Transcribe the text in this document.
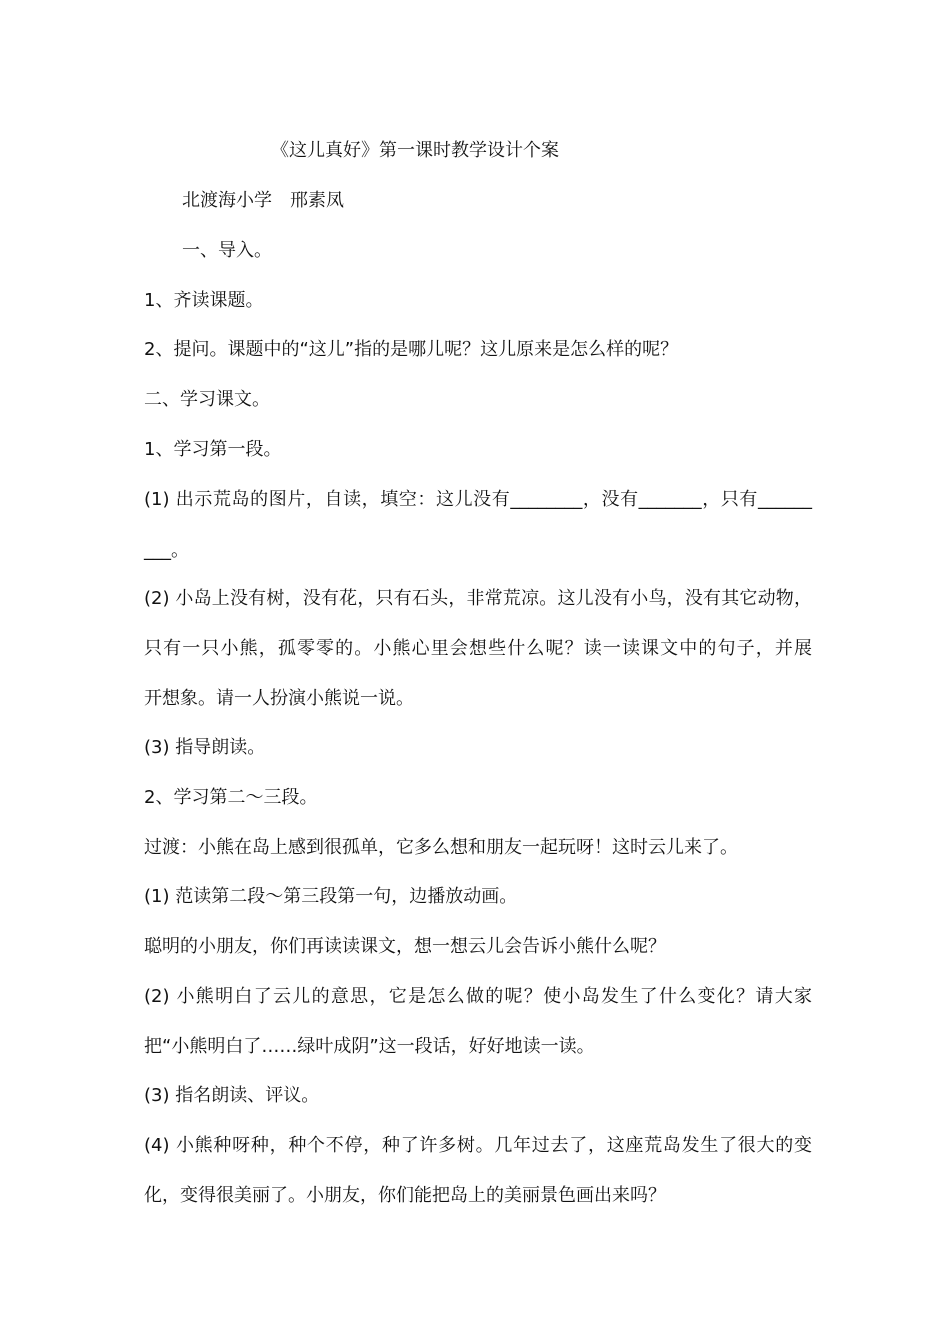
《这儿真好》第一课时教学设计个案
北渡海小学　邢素凤
一、导入。
1、齐读课题。
2、提问。课题中的“这儿”指的是哪儿呢？这儿原来是怎么样的呢？
二、学习课文。
1、学习第一段。
(1) 出示荒岛的图片，自读，填空：这儿没有________，没有_______，只有______
___。
(2) 小岛上没有树，没有花，只有石头，非常荒凉。这儿没有小鸟，没有其它动物，
只有一只小熊，孤零零的。小熊心里会想些什么呢？读一读课文中的句子，并展
开想象。请一人扮演小熊说一说。
(3) 指导朗读。
2、学习第二～三段。
过渡：小熊在岛上感到很孤单，它多么想和朋友一起玩呀！这时云儿来了。
(1) 范读第二段～第三段第一句，边播放动画。
聪明的小朋友，你们再读读课文，想一想云儿会告诉小熊什么呢？
(2) 小熊明白了云儿的意思，它是怎么做的呢？使小岛发生了什么变化？请大家
把“小熊明白了……绿叶成阴”这一段话，好好地读一读。
(3) 指名朗读、评议。
(4) 小熊种呀种，种个不停，种了许多树。几年过去了，这座荒岛发生了很大的变
化，变得很美丽了。小朋友，你们能把岛上的美丽景色画出来吗？
